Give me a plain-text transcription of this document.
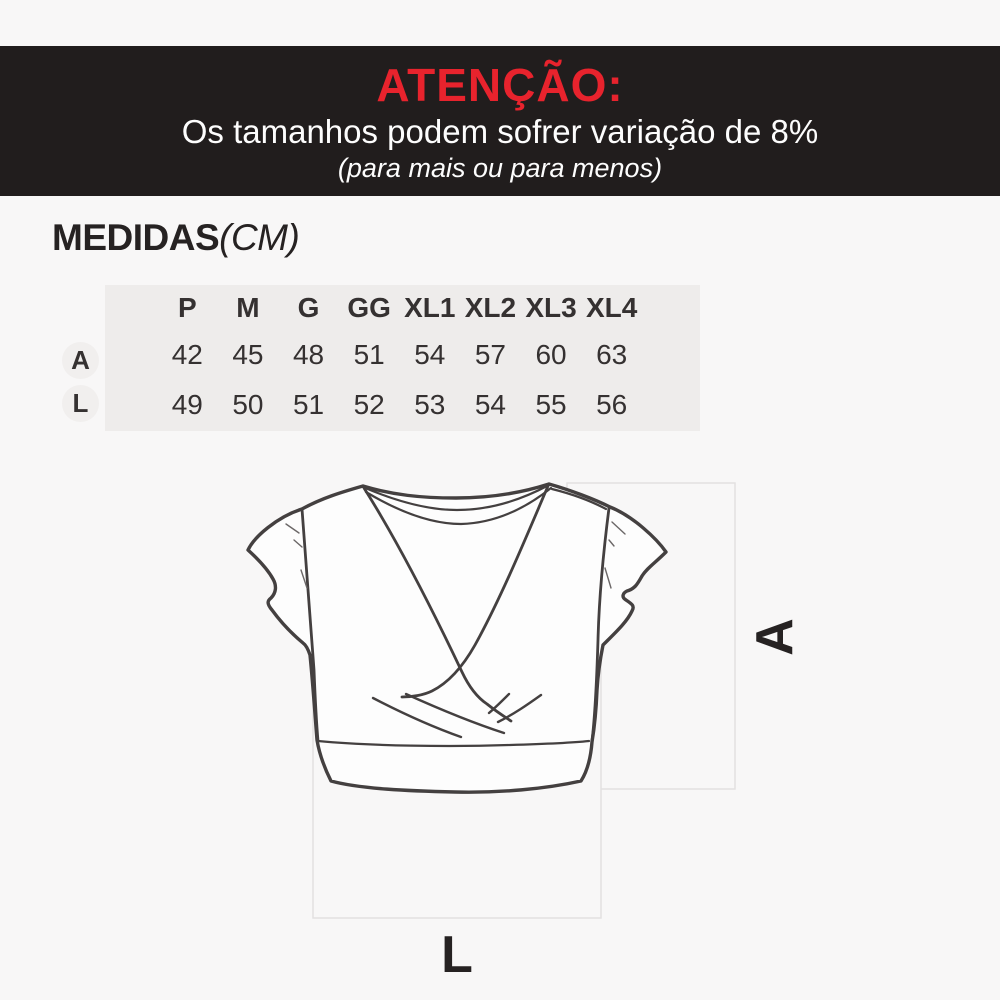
ATENÇÃO:
Os tamanhos podem sofrer variação de 8%
(para mais ou para menos)
MEDIDAS(CM)
P M G GG XL1 XL2 XL3 XL4
42 45 48 51 54 57 60 63
49 50 51 52 53 54 55 56
A
L
A
L
